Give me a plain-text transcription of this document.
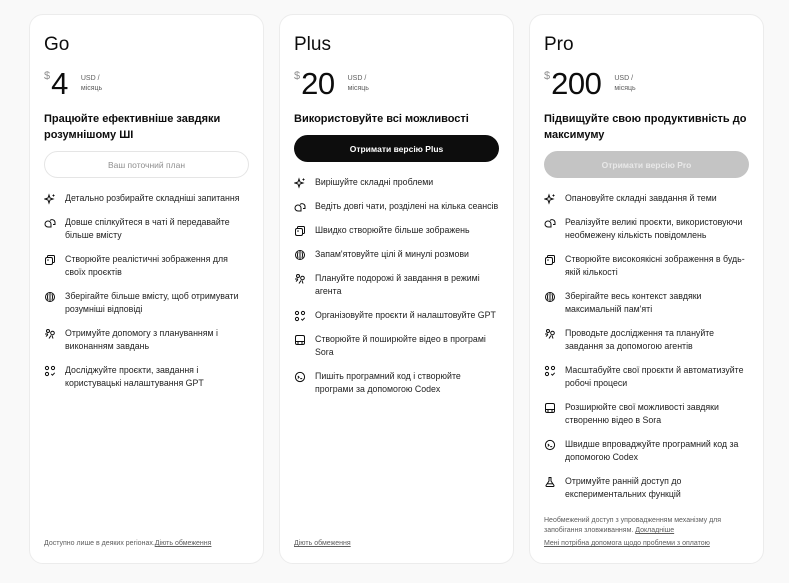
Go
$ 4 USD /
місяць
Працюйте ефективніше завдяки розумнішому ШІ
Ваш поточний план
Детально розбирайте складніші запитання
Довше спілкуйтеся в чаті й передавайте більше вмісту
Створюйте реалістичні зображення для своїх проєктів
Зберігайте більше вмісту, щоб отримувати розумніші відповіді
Отримуйте допомогу з плануванням і виконанням завдань
Досліджуйте проєкти, завдання і користувацькі налаштування GPT
Доступно лише в деяких регіонах.Діють обмеження
Plus
$ 20 USD /
місяць
Використовуйте всі можливості
Отримати версію Plus
Вирішуйте складні проблеми
Ведіть довгі чати, розділені на кілька сеансів
Швидко створюйте більше зображень
Запам'ятовуйте цілі й минулі розмови
Плануйте подорожі й завдання в режимі агента
Організовуйте проєкти й налаштовуйте GPT
Створюйте й поширюйте відео в програмі Sora
Пишіть програмний код і створюйте програми за допомогою Codex
Діють обмеження
Pro
$ 200 USD /
місяць
Підвищуйте свою продуктивність до максимуму
Отримати версію Pro
Опановуйте складні завдання й теми
Реалізуйте великі проєкти, використовуючи необмежену кількість повідомлень
Створюйте високоякісні зображення в будь-якій кількості
Зберігайте весь контекст завдяки максимальній пам'яті
Проводьте дослідження та плануйте завдання за допомогою агентів
Масштабуйте свої проєкти й автоматизуйте робочі процеси
Розширюйте свої можливості завдяки створенню відео в Sora
Швидше впроваджуйте програмний код за допомогою Codex
Отримуйте ранній доступ до експериментальних функцій
Необмежений доступ з упровадженням механізму для запобігання зловживанням. Докладніше
Мені потрібна допомога щодо проблеми з оплатою
